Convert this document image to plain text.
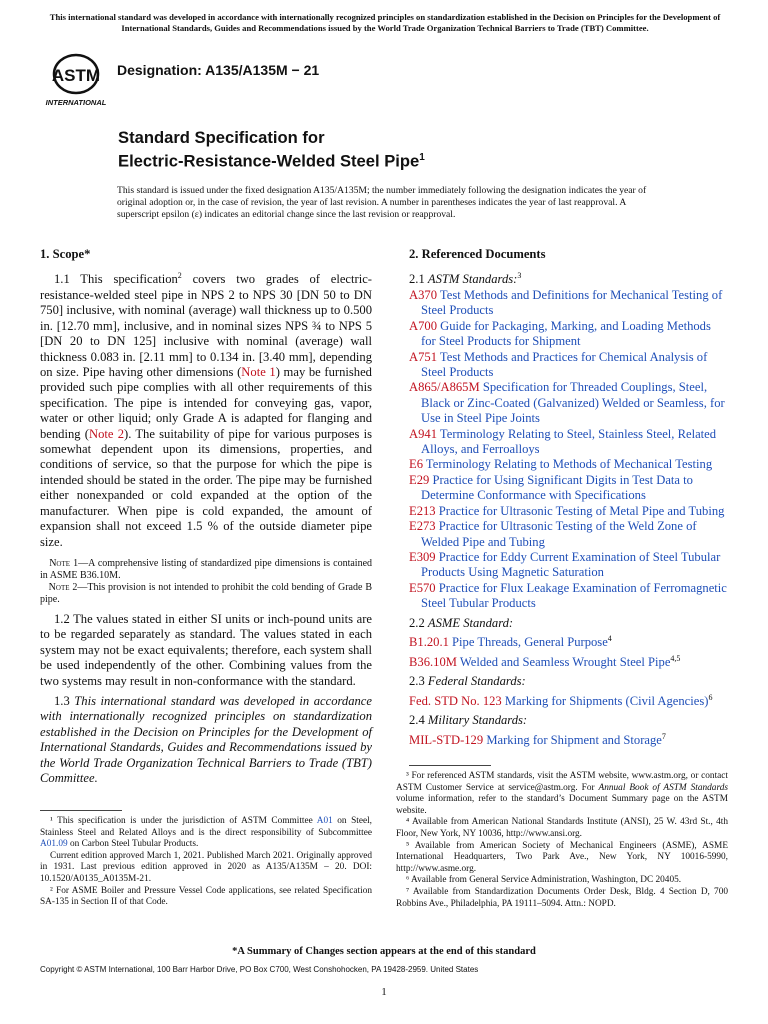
This international standard was developed in accordance with internationally recognized principles on standardization established in the Decision on Principles for the Development of International Standards, Guides and Recommendations issued by the World Trade Organization Technical Barriers to Trade (TBT) Committee.
ASTM
INTERNATIONAL
Designation: A135/A135M − 21
Standard Specification for
Electric-Resistance-Welded Steel Pipe$^1$
This standard is issued under the fixed designation A135/A135M; the number immediately following the designation indicates the year of original adoption or, in the case of revision, the year of last revision. A number in parentheses indicates the year of last reapproval. A superscript epsilon (ε) indicates an editorial change since the last revision or reapproval.
1. Scope*

1.1 This specification$^2$ covers two grades of electric-resistance-welded steel pipe in NPS 2 to NPS 30 [DN 50 to DN 750] inclusive, with nominal (average) wall thickness up to 0.500 in. [12.70 mm], inclusive, and in nominal sizes NPS ¾ to NPS 5 [DN 20 to DN 125] inclusive with nominal (average) wall thickness 0.083 in. [2.11 mm] to 0.134 in. [3.40 mm], depending on size. Pipe having other dimensions (Note 1) may be furnished provided such pipe complies with all other requirements of this specification. The pipe is intended for conveying gas, vapor, water or other liquid; only Grade A is adapted for flanging and bending (Note 2). The suitability of pipe for various purposes is somewhat dependent upon its dimensions, properties, and conditions of service, so that the purpose for which the pipe is intended should be stated in the order. The pipe may be furnished either nonexpanded or cold expanded at the option of the manufacturer. When pipe is cold expanded, the amount of expansion shall not exceed 1.5 % of the outside diameter pipe size.

Note 1—A comprehensive listing of standardized pipe dimensions is contained in ASME B36.10M.

Note 2—This provision is not intended to prohibit the cold bending of Grade B pipe.

1.2 The values stated in either SI units or inch-pound units are to be regarded separately as standard. The values stated in each system may not be exact equivalents; therefore, each system shall be used independently of the other. Combining values from the two systems may result in non-conformance with the standard.

1.3 This international standard was developed in accordance with internationally recognized principles on standardization established in the Decision on Principles for the Development of International Standards, Guides and Recommendations issued by the World Trade Organization Technical Barriers to Trade (TBT) Committee.

2. Referenced Documents

2.1 ASTM Standards:$^3$

A370 Test Methods and Definitions for Mechanical Testing of Steel Products

A700 Guide for Packaging, Marking, and Loading Methods for Steel Products for Shipment

A751 Test Methods and Practices for Chemical Analysis of Steel Products

A865/A865M Specification for Threaded Couplings, Steel, Black or Zinc-Coated (Galvanized) Welded or Seamless, for Use in Steel Pipe Joints

A941 Terminology Relating to Steel, Stainless Steel, Related Alloys, and Ferroalloys

E6 Terminology Relating to Methods of Mechanical Testing

E29 Practice for Using Significant Digits in Test Data to Determine Conformance with Specifications

E213 Practice for Ultrasonic Testing of Metal Pipe and Tubing

E273 Practice for Ultrasonic Testing of the Weld Zone of Welded Pipe and Tubing

E309 Practice for Eddy Current Examination of Steel Tubular Products Using Magnetic Saturation

E570 Practice for Flux Leakage Examination of Ferromagnetic Steel Tubular Products

2.2 ASME Standard:

B1.20.1 Pipe Threads, General Purpose$^4$

B36.10M Welded and Seamless Wrought Steel Pipe$^{4,5}$

2.3 Federal Standards:

Fed. STD No. 123 Marking for Shipments (Civil Agencies)$^6$

2.4 Military Standards:

MIL-STD-129 Marking for Shipment and Storage$^7$

¹ This specification is under the jurisdiction of ASTM Committee A01 on Steel, Stainless Steel and Related Alloys and is the direct responsibility of Subcommittee A01.09 on Carbon Steel Tubular Products.

Current edition approved March 1, 2021. Published March 2021. Originally approved in 1931. Last previous edition approved in 2020 as A135/A135M – 20. DOI: 10.1520/A0135_A0135M-21.

² For ASME Boiler and Pressure Vessel Code applications, see related Specification SA-135 in Section II of that Code.

³ For referenced ASTM standards, visit the ASTM website, www.astm.org, or contact ASTM Customer Service at service@astm.org. For Annual Book of ASTM Standards volume information, refer to the standard’s Document Summary page on the ASTM website.

⁴ Available from American National Standards Institute (ANSI), 25 W. 43rd St., 4th Floor, New York, NY 10036, http://www.ansi.org.

⁵ Available from American Society of Mechanical Engineers (ASME), ASME International Headquarters, Two Park Ave., New York, NY 10016-5990, http://www.asme.org.

⁶ Available from General Service Administration, Washington, DC 20405.

⁷ Available from Standardization Documents Order Desk, Bldg. 4 Section D, 700 Robbins Ave., Philadelphia, PA 19111–5094. Attn.: NOPD.

*A Summary of Changes section appears at the end of this standard
Copyright © ASTM International, 100 Barr Harbor Drive, PO Box C700, West Conshohocken, PA 19428-2959. United States
1
